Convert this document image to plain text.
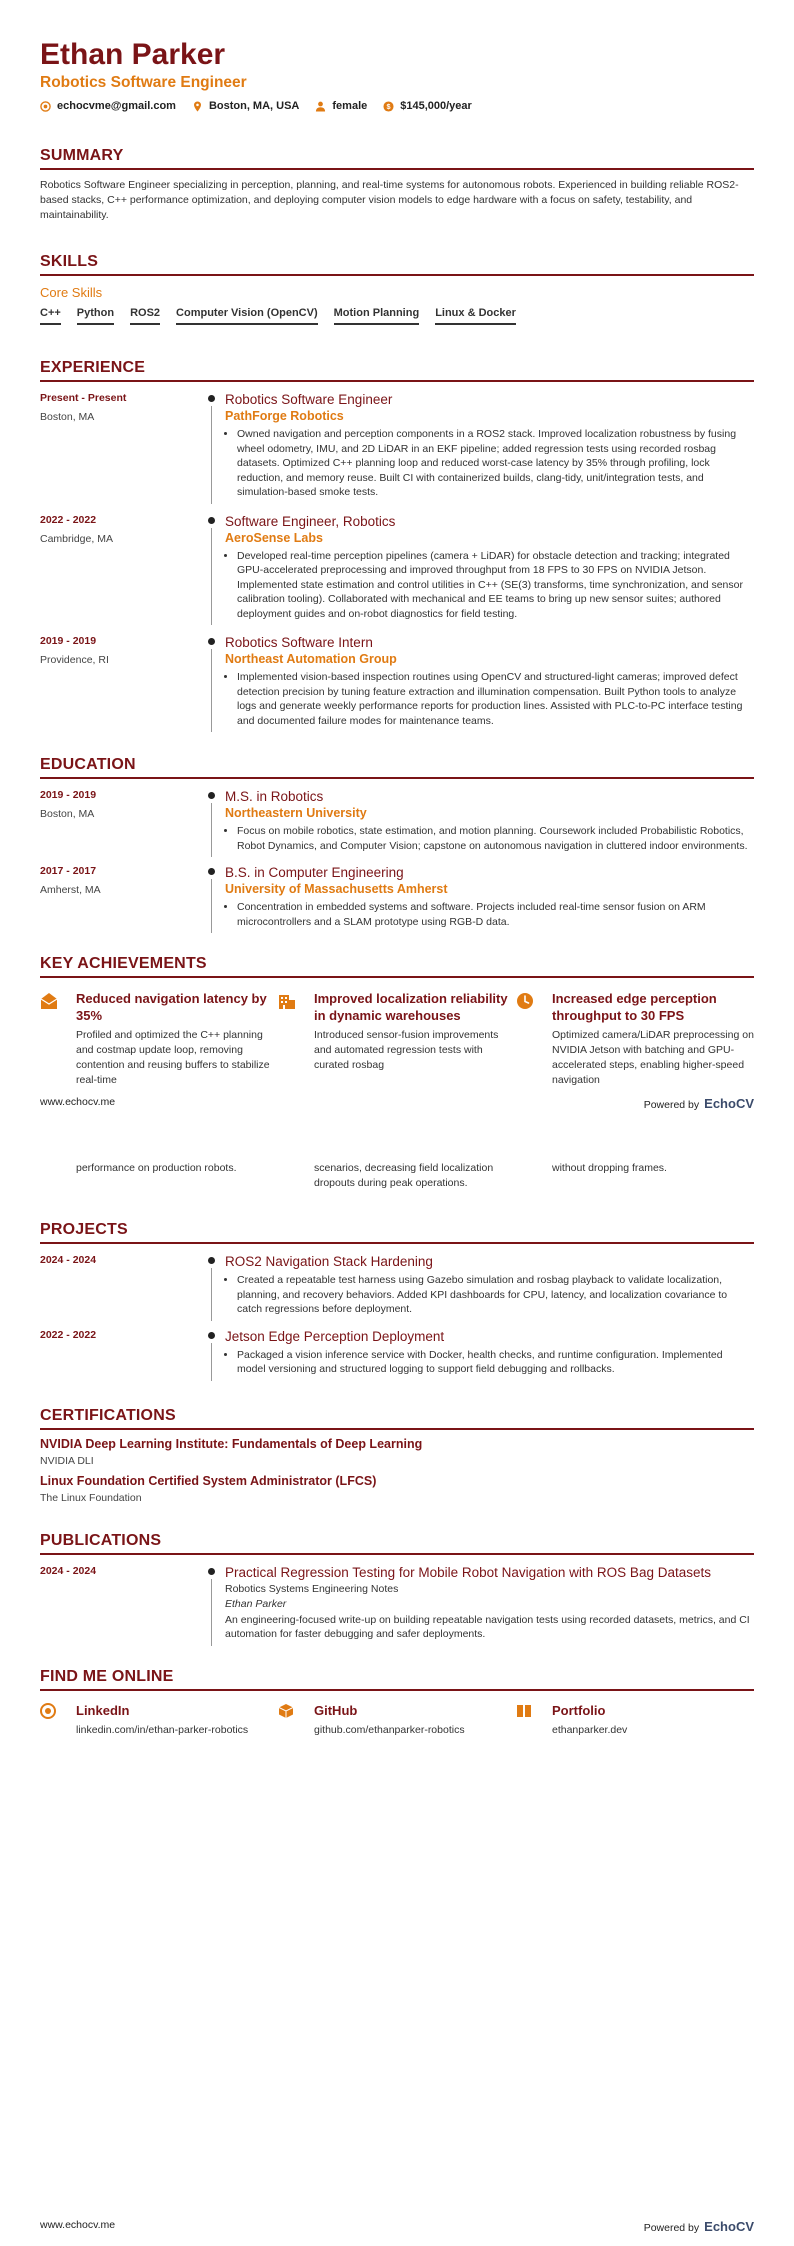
Ethan Parker
Robotics Software Engineer
echocvme@gmail.com	Boston, MA, USA	female $ $145,000/year
SUMMARY
Robotics Software Engineer specializing in perception, planning, and real-time systems for autonomous robots. Experienced in building reliable ROS2-based stacks, C++ performance optimization, and deploying computer vision models to edge hardware with a focus on safety, testability, and maintainability.
SKILLS
Core Skills
C++ Python ROS2 Computer Vision (OpenCV) Motion Planning Linux & Docker
EXPERIENCE
Present - Present
Boston, MA
Robotics Software Engineer
PathForge Robotics
• Owned navigation and perception components in a ROS2 stack. Improved localization robustness by fusing wheel odometry, IMU, and 2D LiDAR in an EKF pipeline; added regression tests using recorded rosbag datasets. Optimized C++ planning loop and reduced worst-case latency by 35% through profiling, lock reduction, and memory reuse. Built CI with containerized builds, clang-tidy, unit/integration tests, and simulation-based smoke tests.
2022 - 2022
Cambridge, MA
Software Engineer, Robotics
AeroSense Labs
• Developed real-time perception pipelines (camera + LiDAR) for obstacle detection and tracking; integrated GPU-accelerated preprocessing and improved throughput from 18 FPS to 30 FPS on NVIDIA Jetson. Implemented state estimation and control utilities in C++ (SE(3) transforms, time synchronization, and sensor calibration tooling). Collaborated with mechanical and EE teams to bring up new sensor suites; authored deployment guides and on-robot diagnostics for field testing.
2019 - 2019
Providence, RI
Robotics Software Intern
Northeast Automation Group
• Implemented vision-based inspection routines using OpenCV and structured-light cameras; improved defect detection precision by tuning feature extraction and illumination compensation. Built Python tools to analyze logs and generate weekly performance reports for production lines. Assisted with PLC-to-PC interface testing and documented failure modes for maintenance teams.
EDUCATION
2019 - 2019
Boston, MA
M.S. in Robotics
Northeastern University
• Focus on mobile robotics, state estimation, and motion planning. Coursework included Probabilistic Robotics, Robot Dynamics, and Computer Vision; capstone on autonomous navigation in cluttered indoor environments.
2017 - 2017
Amherst, MA
B.S. in Computer Engineering
University of Massachusetts Amherst
• Concentration in embedded systems and software. Projects included real-time sensor fusion on ARM microcontrollers and a SLAM prototype using RGB-D data.
KEY ACHIEVEMENTS
Reduced navigation latency by 35%
Profiled and optimized the C++ planning and costmap update loop, removing contention and reusing buffers to stabilize real-time
Improved localization reliability in dynamic warehouses
Introduced sensor-fusion improvements and automated regression tests with curated rosbag
Increased edge perception throughput to 30 FPS
Optimized camera/LiDAR preprocessing on NVIDIA Jetson with batching and GPU-accelerated steps, enabling higher-speed navigation
www.echocv.me	Powered by EchoCV
performance on production robots.	scenarios, decreasing field localization dropouts during peak operations.
without dropping frames.
PROJECTS
2024 - 2024	ROS2 Navigation Stack Hardening
• Created a repeatable test harness using Gazebo simulation and rosbag playback to validate localization, planning, and recovery behaviors. Added KPI dashboards for CPU, latency, and localization covariance to catch regressions before deployment.
2022 - 2022	Jetson Edge Perception Deployment
• Packaged a vision inference service with Docker, health checks, and runtime configuration. Implemented model versioning and structured logging to support field debugging and rollbacks.
CERTIFICATIONS
NVIDIA Deep Learning Institute: Fundamentals of Deep Learning
NVIDIA DLI
Linux Foundation Certified System Administrator (LFCS)
The Linux Foundation
PUBLICATIONS
2024 - 2024	Practical Regression Testing for Mobile Robot Navigation with ROS Bag Datasets
Robotics Systems Engineering Notes
Ethan Parker
An engineering-focused write-up on building repeatable navigation tests using recorded datasets, metrics, and CI automation for faster debugging and safer deployments.
FIND ME ONLINE
LinkedIn
linkedin.com/in/ethan-parker-robotics
GitHub
github.com/ethanparker-robotics
Portfolio
ethanparker.dev
www.echocv.me	Powered by EchoCV
